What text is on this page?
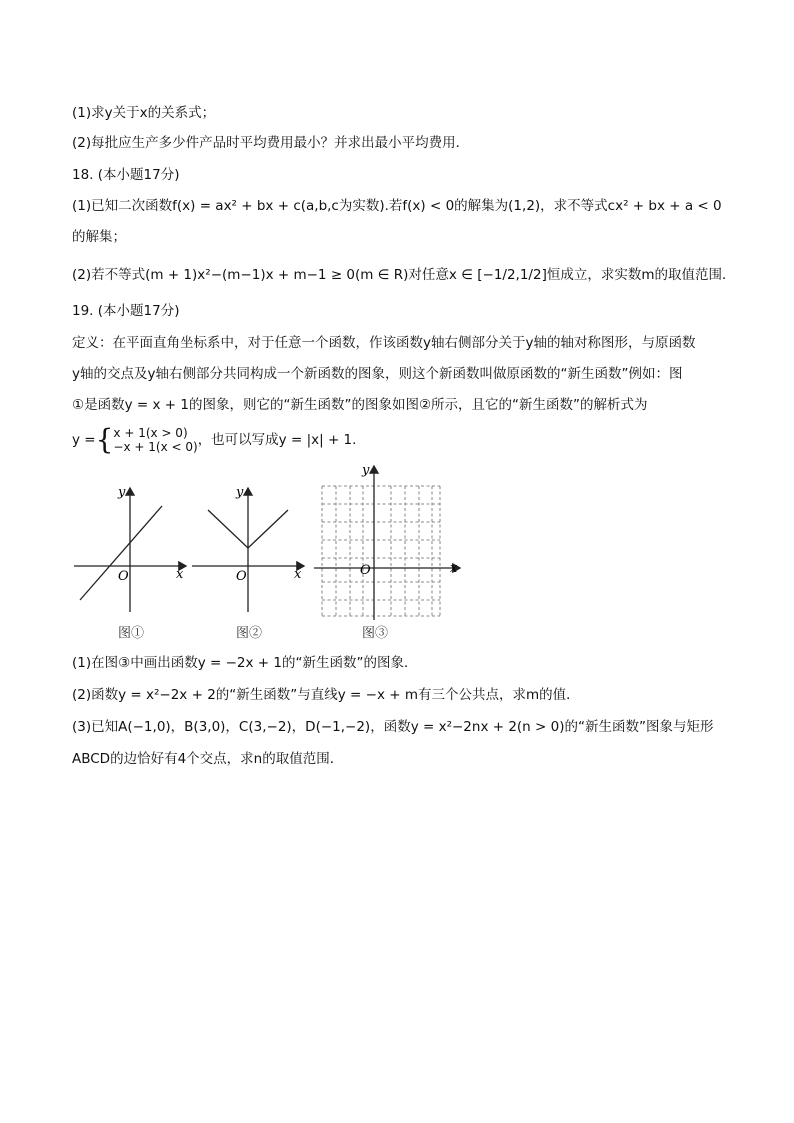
(1)求y关于x的关系式；
(2)每批应生产多少件产品时平均费用最小？并求出最小平均费用．
18. (本小题17分)
(1)已知二次函数f(x) = ax² + bx + c(a,b,c为实数).若f(x) < 0的解集为(1,2)，求不等式cx² + bx + a < 0
的解集；
(2)若不等式(m + 1)x²−(m−1)x + m−1 ≥ 0(m ∈ R)对任意x ∈ [−1/2,1/2]恒成立，求实数m的取值范围．
19. (本小题17分)
定义：在平面直角坐标系中，对于任意一个函数，作该函数y轴右侧部分关于y轴的轴对称图形，与原函数
y轴的交点及y轴右侧部分共同构成一个新函数的图象，则这个新函数叫做原函数的“新生函数”例如：图
①是函数y = x + 1的图象，则它的“新生函数”的图象如图②所示，且它的“新生函数”的解析式为
y = { x + 1(x > 0)
−x + 1(x < 0) ，也可以写成y = |x| + 1.
O	x
y
图①
O	x
y
图②
O	x
y
图③
(1)在图③中画出函数y = −2x + 1的“新生函数”的图象．
(2)函数y = x²−2x + 2的“新生函数”与直线y = −x + m有三个公共点，求m的值．
(3)已知A(−1,0)，B(3,0)，C(3,−2)，D(−1,−2)，函数y = x²−2nx + 2(n > 0)的“新生函数”图象与矩形
ABCD的边恰好有4个交点，求n的取值范围．
